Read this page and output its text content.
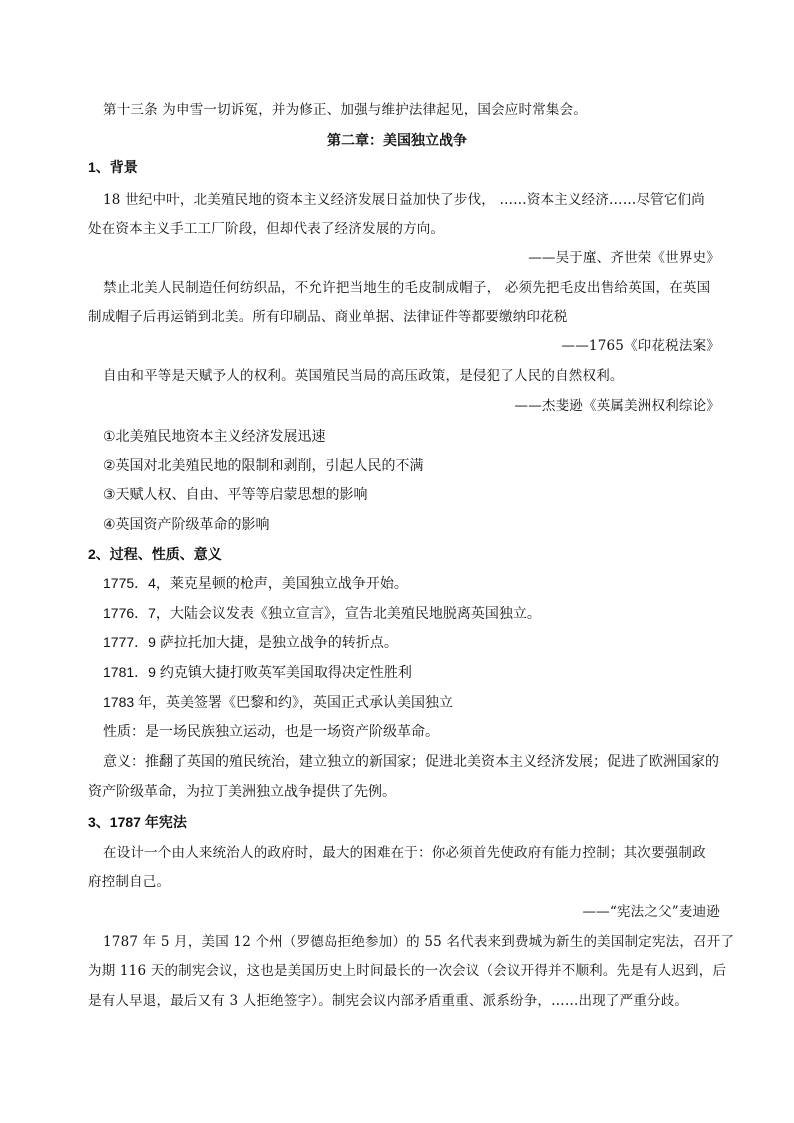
第十三条 为申雪一切诉冤，并为修正、加强与维护法律起见，国会应时常集会。
第二章：美国独立战争
1、背景
18 世纪中叶，北美殖民地的资本主义经济发展日益加快了步伐， ……资本主义经济……尽管它们尚
处在资本主义手工工厂阶段，但却代表了经济发展的方向。
——吴于廑、齐世荣《世界史》
禁止北美人民制造任何纺织品，不允许把当地生的毛皮制成帽子， 必须先把毛皮出售给英国，在英国
制成帽子后再运销到北美。所有印刷品、商业单据、法律证件等都要缴纳印花税
——1765《印花税法案》
自由和平等是天赋予人的权利。英国殖民当局的高压政策，是侵犯了人民的自然权利。
——杰斐逊《英属美洲权利综论》
①北美殖民地资本主义经济发展迅速
②英国对北美殖民地的限制和剥削，引起人民的不满
③天赋人权、自由、平等等启蒙思想的影响
④英国资产阶级革命的影响
2、过程、性质、意义
1775．4，莱克星顿的枪声，美国独立战争开始。
1776．7，大陆会议发表《独立宣言》，宣告北美殖民地脱离英国独立。
1777．9 萨拉托加大捷，是独立战争的转折点。
1781．9 约克镇大捷打败英军美国取得决定性胜利
1783 年，英美签署《巴黎和约》，英国正式承认美国独立
性质：是一场民族独立运动，也是一场资产阶级革命。
意义：推翻了英国的殖民统治，建立独立的新国家；促进北美资本主义经济发展；促进了欧洲国家的
资产阶级革命，为拉丁美洲独立战争提供了先例。
3、1787 年宪法
在设计一个由人来统治人的政府时，最大的困难在于：你必须首先使政府有能力控制；其次要强制政
府控制自己。
——“宪法之父”麦迪逊
1787 年 5 月，美国 12 个州（罗德岛拒绝参加）的 55 名代表来到费城为新生的美国制定宪法，召开了
为期 116 天的制宪会议，这也是美国历史上时间最长的一次会议（会议开得并不顺利。先是有人迟到，后
是有人早退，最后又有 3 人拒绝签字）。制宪会议内部矛盾重重、派系纷争，……出现了严重分歧。
